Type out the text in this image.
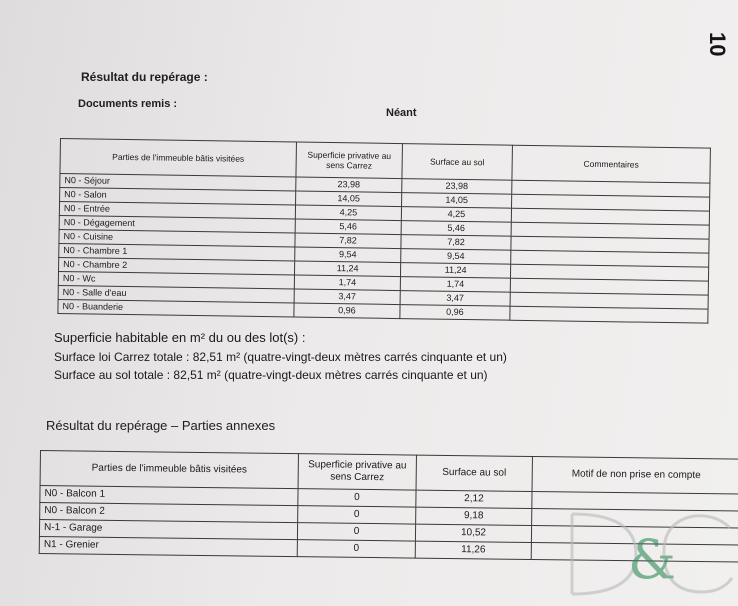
10
Résultat du repérage :
Documents remis :
Néant
Parties de l'immeuble bâtis visitées	Superficie privative au sens Carrez	Surface au sol	Commentaires
N0 - Séjour	23,98	23,98	
N0 - Salon	14,05	14,05	
N0 - Entrée	4,25	4,25	
N0 - Dégagement	5,46	5,46	
N0 - Cuisine	7,82	7,82	
N0 - Chambre 1	9,54	9,54	
N0 - Chambre 2	11,24	11,24	
N0 - Wc	1,74	1,74	
N0 - Salle d'eau	3,47	3,47	
N0 - Buanderie	0,96	0,96	
Superficie habitable en m² du ou des lot(s) :
Surface loi Carrez totale : 82,51 m² (quatre-vingt-deux mètres carrés cinquante et un)
Surface au sol totale : 82,51 m² (quatre-vingt-deux mètres carrés cinquante et un)
Résultat du repérage – Parties annexes
Parties de l'immeuble bâtis visitées	Superficie privative au sens Carrez	Surface au sol	Motif de non prise en compte
N0 - Balcon 1	0	2,12	
N0 - Balcon 2	0	9,18	
N-1 - Garage	0	10,52	
N1 - Grenier	0	11,26		&
